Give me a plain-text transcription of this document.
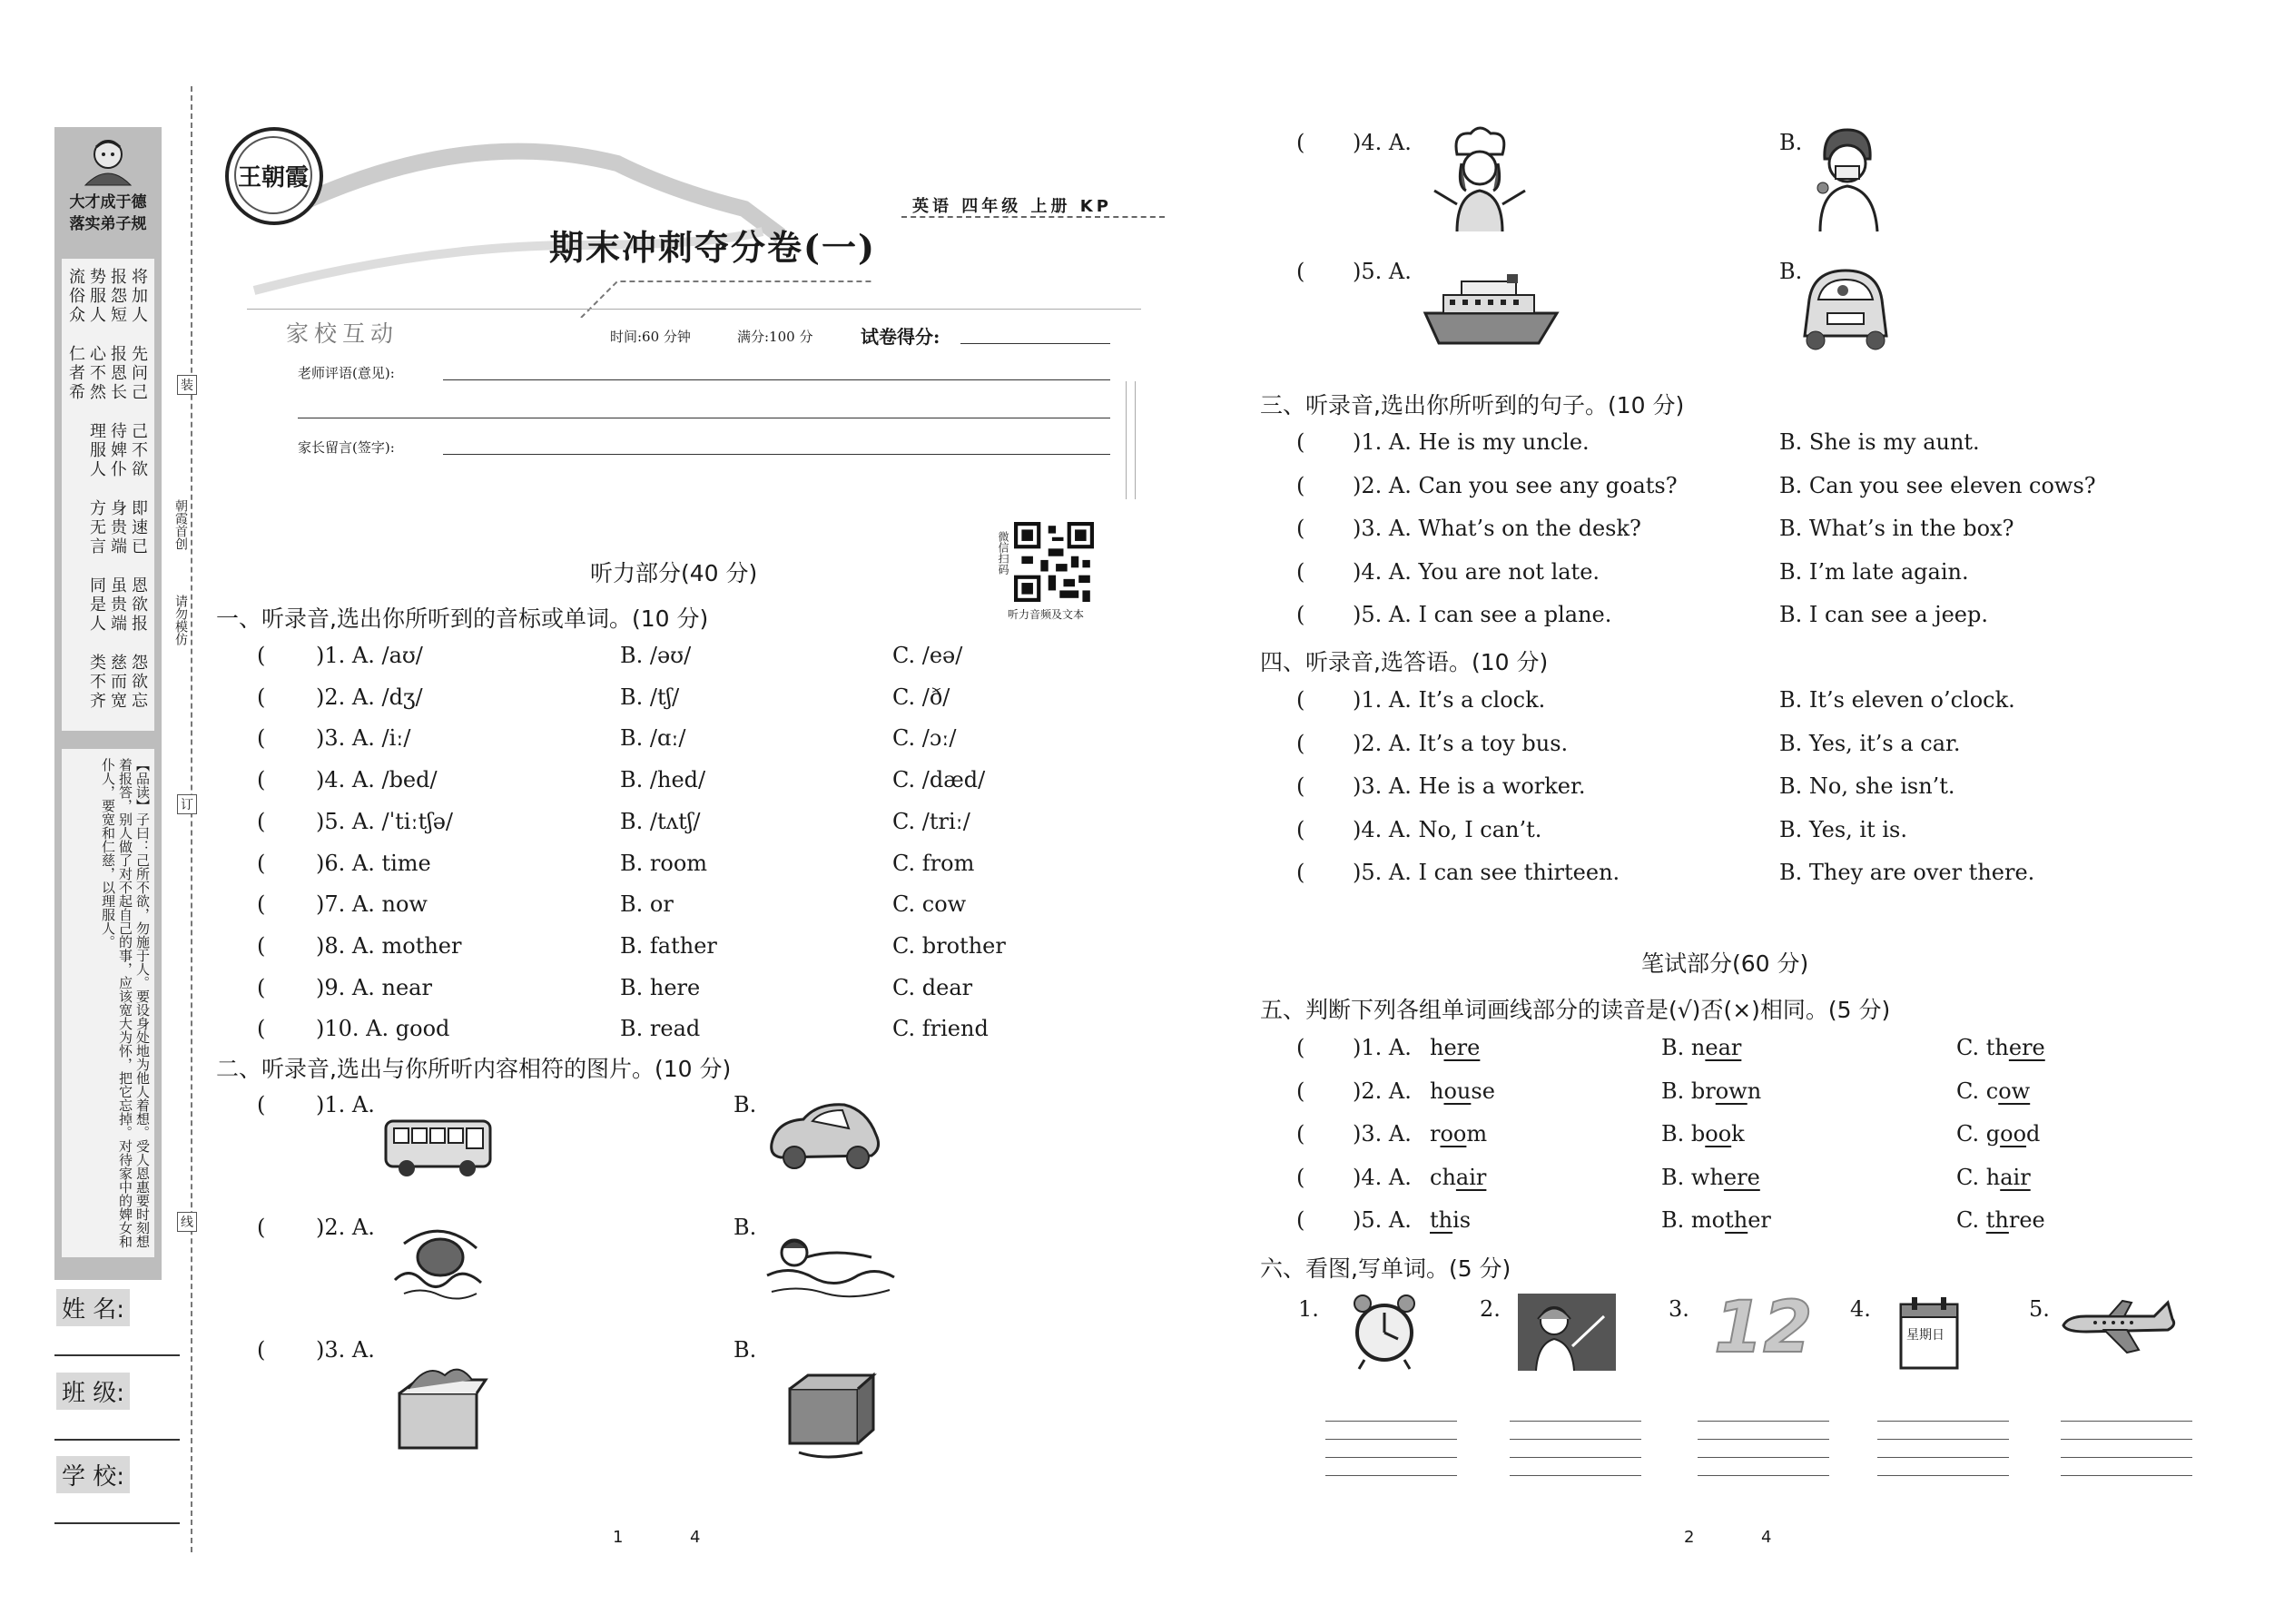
大才成于德
落实弟子规
将加人
先问己
己不欲
即速已
恩欲报
怨欲忘
报怨短
报恩长
待婢仆
身贵端
虽贵端
慈而宽
势服人
心不然
理服人
方无言
同是人
类不齐
流俗众
仁者希
【品读】子曰：己所不欲，勿施于人。要设身处地为他人着想。受人恩惠要时刻想着报答，别人做了对不起自己的事，应该宽大为怀，把它忘掉。对待家中的婢女和仆人，要宽和仁慈，以理服人。
姓 名:
班 级:
学 校:
装
订
线
朝霞首创
请勿模仿
王朝霞
期末冲刺夺分卷(一)
英语 四年级 上册 KP
家校互动	时间:60 分钟	满分:100 分	试卷得分:
老师评语(意见):
家长留言(签字):
微信扫码
听力音频及文本
听力部分(40 分)
一、听录音,选出你所听到的音标或单词。(10 分)
( )1. A. /aʊ/	B. /əʊ/	C. /eə/
( )2. A. /dʒ/	B. /tʃ/	C. /ð/
( )3. A. /iː/	B. /ɑː/	C. /ɔː/
( )4. A. /bed/	B. /hed/	C. /dæd/
( )5. A. /ˈtiːtʃə/	B. /tʌtʃ/	C. /triː/
( )6. A. time	B. room	C. from
( )7. A. now	B. or	C. cow
( )8. A. mother	B. father	C. brother
( )9. A. near	B. here	C. dear
( )10. A. good	B. read	C. friend
二、听录音,选出与你所听内容相符的图片。(10 分)
( )1. A.	B.
( )2. A.	B.
( )3. A.	B.
1	4
( )4. A.	B.
( )5. A.	B.
三、听录音,选出你所听到的句子。(10 分)
( )1. A. He is my uncle.	B. She is my aunt.
( )2. A. Can you see any goats?	B. Can you see eleven cows?
( )3. A. What’s on the desk?	B. What’s in the box?
( )4. A. You are not late.	B. I’m late again.
( )5. A. I can see a plane.	B. I can see a jeep.
四、听录音,选答语。(10 分)
( )1. A. It’s a clock.	B. It’s eleven o’clock.
( )2. A. It’s a toy bus.	B. Yes, it’s a car.
( )3. A. He is a worker.	B. No, she isn’t.
( )4. A. No, I can’t.	B. Yes, it is.
( )5. A. I can see thirteen.	B. They are over there.
笔试部分(60 分)
五、判断下列各组单词画线部分的读音是(√)否(×)相同。(5 分)
( )1. A. here	B. near	C. there
( )2. A. house	B. brown	C. cow
( )3. A. room	B. book	C. good
( )4. A. chair	B. where	C. hair
( )5. A. this	B. mother	C. three
六、看图,写单词。(5 分)
1.	2.	3.	4.	5.
12	星期日
2	4
